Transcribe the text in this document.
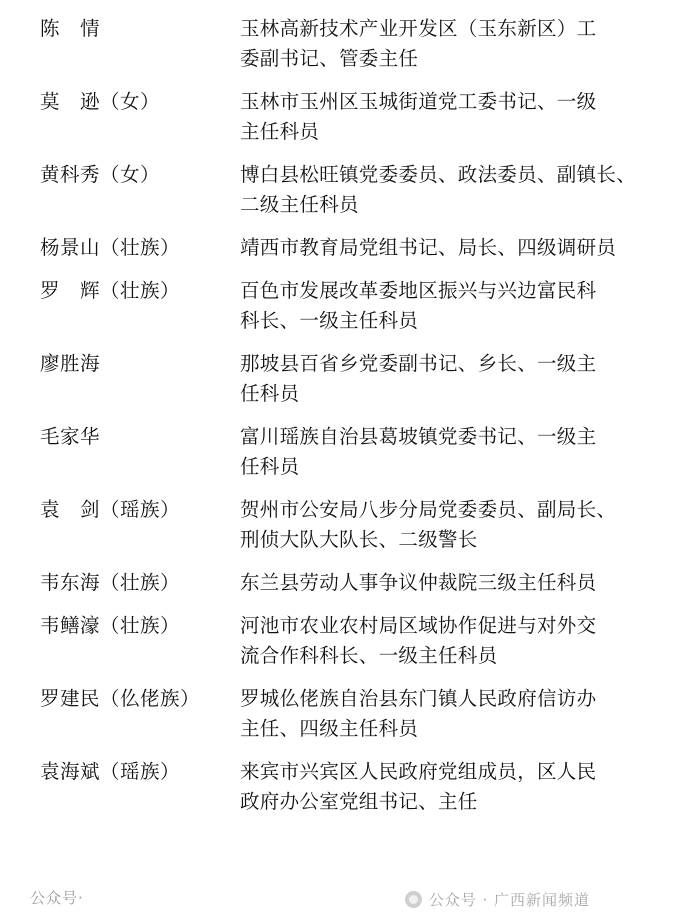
陈　情	玉林高新技术产业开发区（玉东新区）工
委副书记、管委主任
莫　逊（女）	玉林市玉州区玉城街道党工委书记、一级
主任科员
黄科秀（女）	博白县松旺镇党委委员、政法委员、副镇长、
二级主任科员
杨景山（壮族）	靖西市教育局党组书记、局长、四级调研员
罗　辉（壮族）	百色市发展改革委地区振兴与兴边富民科
科长、一级主任科员
廖胜海	那坡县百省乡党委副书记、乡长、一级主
任科员
毛家华	富川瑶族自治县葛坡镇党委书记、一级主
任科员
袁　剑（瑶族）	贺州市公安局八步分局党委委员、副局长、
刑侦大队大队长、二级警长
韦东海（壮族）	东兰县劳动人事争议仲裁院三级主任科员
韦鳝濠（壮族）	河池市农业农村局区域协作促进与对外交
流合作科科长、一级主任科员
罗建民（仫佬族）	罗城仫佬族自治县东门镇人民政府信访办
主任、四级主任科员
袁海斌（瑶族）	来宾市兴宾区人民政府党组成员，区人民
政府办公室党组书记、主任
公众号·	公众号 · 广西新闻频道
